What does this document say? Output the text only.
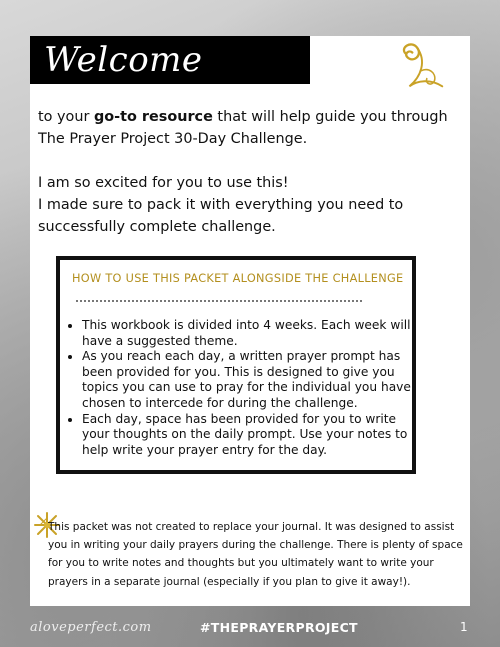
Welcome

to your go-to resource that will help guide you through The Prayer Project 30-Day Challenge.

I am so excited for you to use this!
I made sure to pack it with everything you need to successfully complete challenge.

HOW TO USE THIS PACKET ALONGSIDE THE CHALLENGE
• This workbook is divided into 4 weeks. Each week will have a suggested theme.
• As you reach each day, a written prayer prompt has been provided for you. This is designed to give you topics you can use to pray for the individual you have chosen to intercede for during the challenge.
• Each day, space has been provided for you to write your thoughts on the daily prompt. Use your notes to help write your prayer entry for the day.
This packet was not created to replace your journal. It was designed to assist you in writing your daily prayers during the challenge. There is plenty of space for you to write notes and thoughts but you ultimately want to write your prayers in a separate journal (especially if you plan to give it away!).
aloveperfect.com	#THEPRAYERPROJECT	1
